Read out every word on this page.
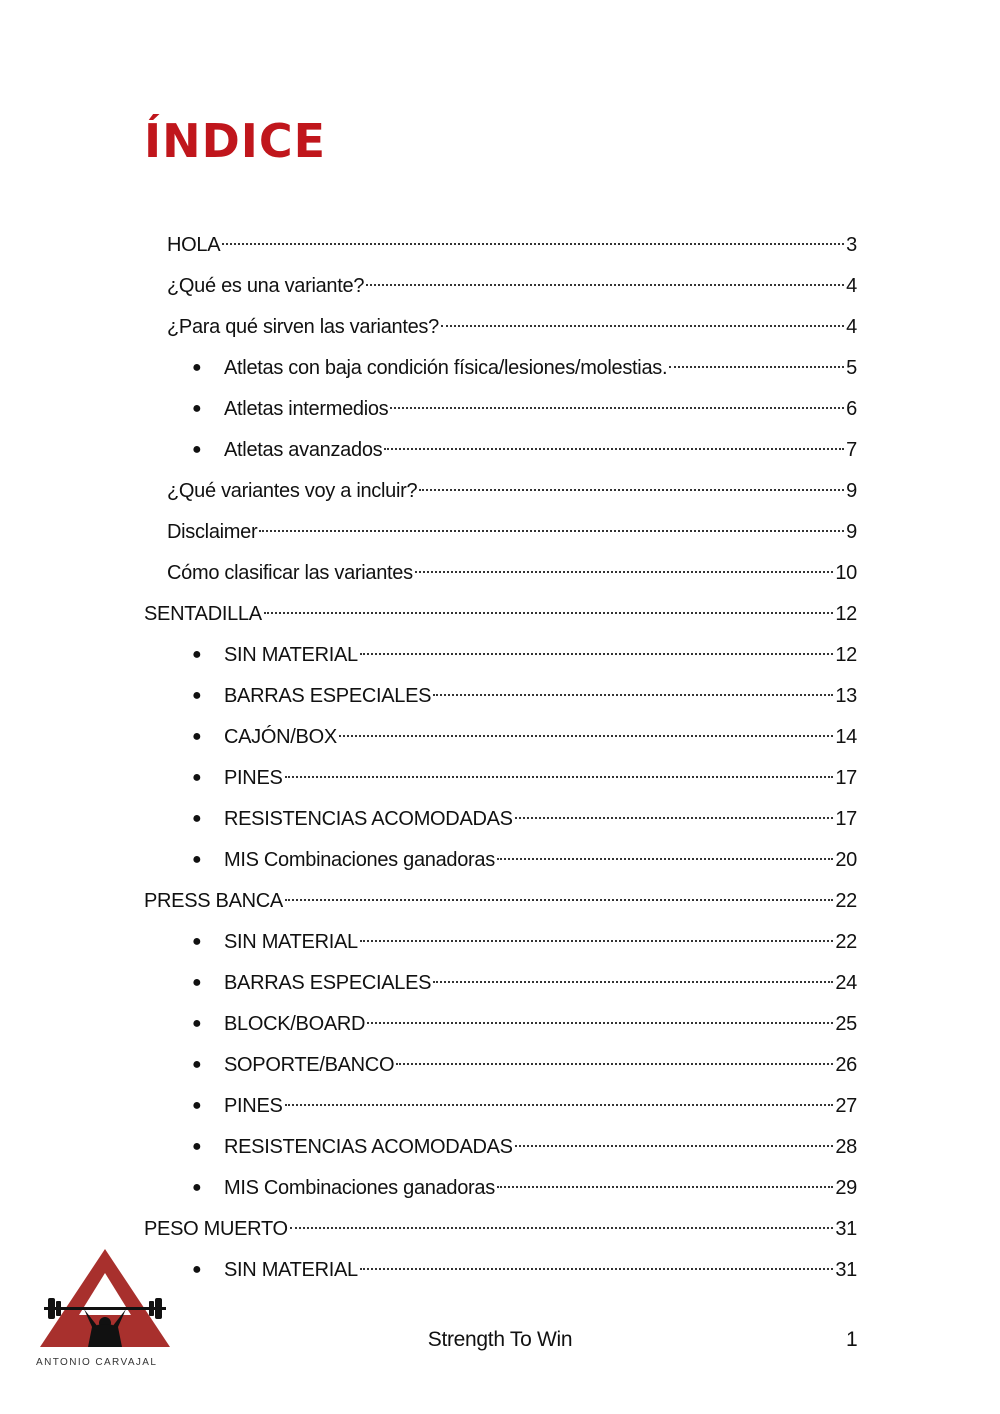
ÍNDICE
HOLA	3
¿Qué es una variante?	4
¿Para qué sirven las variantes?	4
● Atletas con baja condición física/lesiones/molestias.	5
● Atletas intermedios	6
● Atletas avanzados	7
¿Qué variantes voy a incluir?	9
Disclaimer	9
Cómo clasificar las variantes	10
SENTADILLA	12
● SIN MATERIAL	12
● BARRAS ESPECIALES	13
● CAJÓN/BOX	14
● PINES	17
● RESISTENCIAS ACOMODADAS	17
● MIS Combinaciones ganadoras	20
PRESS BANCA	22
● SIN MATERIAL	22
● BARRAS ESPECIALES	24
● BLOCK/BOARD	25
● SOPORTE/BANCO	26
● PINES	27
● RESISTENCIAS ACOMODADAS	28
● MIS Combinaciones ganadoras	29
PESO MUERTO	31
● SIN MATERIAL	31
ANTONIO CARVAJAL
Strength To Win	1
